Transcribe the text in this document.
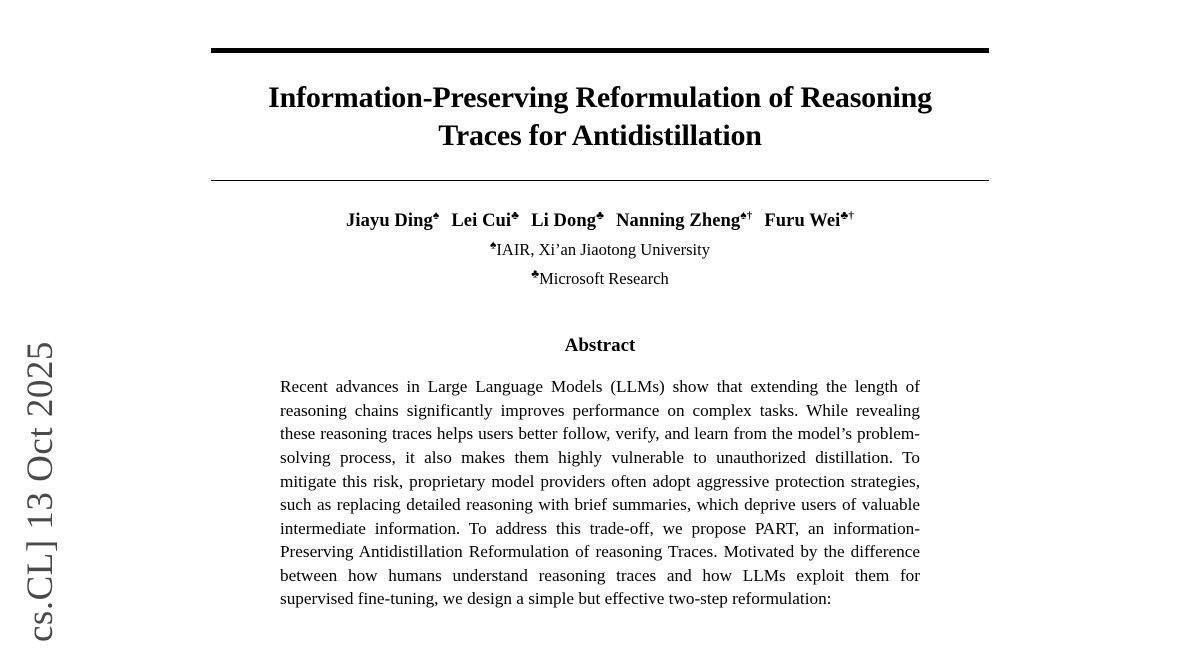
cs.CL] 13 Oct 2025
Information-Preserving Reformulation of Reasoning Traces for Antidistillation
Jiayu Ding♠ Lei Cui♣ Li Dong♣ Nanning Zheng♠† Furu Wei♣†
♠IAIR, Xi’an Jiaotong University
♣Microsoft Research
Abstract
Recent advances in Large Language Models (LLMs) show that extending the length of reasoning chains significantly improves performance on complex tasks. While revealing these reasoning traces helps users better follow, verify, and learn from the model’s problem-solving process, it also makes them highly vulnerable to unauthorized distillation. To mitigate this risk, proprietary model providers often adopt aggressive protection strategies, such as replacing detailed reasoning with brief summaries, which deprive users of valuable intermediate information. To address this trade-off, we propose PART, an information-Preserving Antidistillation Reformulation of reasoning Traces. Motivated by the difference between how humans understand reasoning traces and how LLMs exploit them for supervised fine-tuning, we design a simple but effective two-step reformulation:
